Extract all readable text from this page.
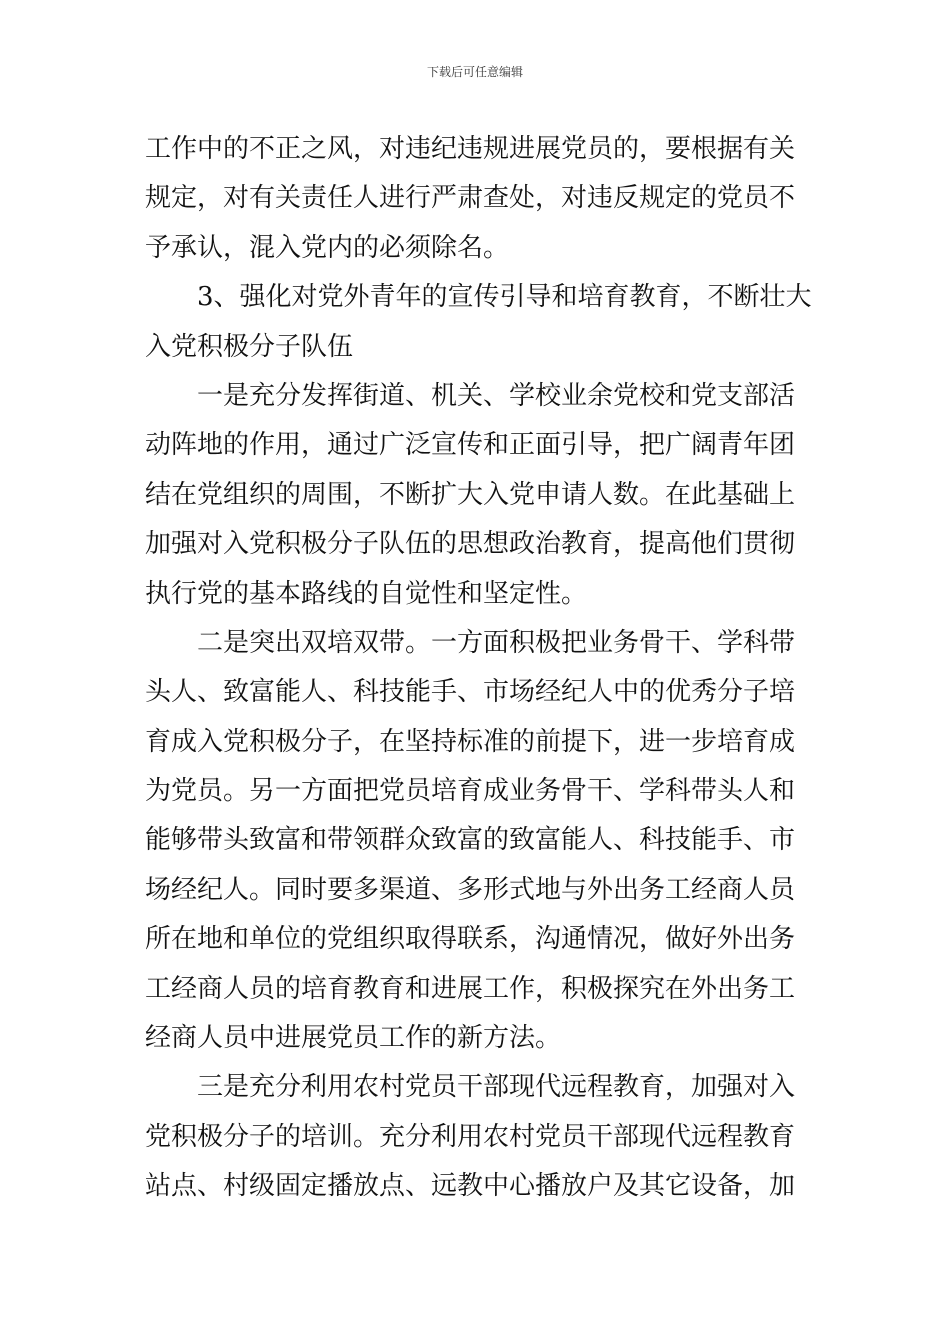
下载后可任意编辑
工作中的不正之风，对违纪违规进展党员的，要根据有关
规定，对有关责任人进行严肃查处，对违反规定的党员不
予承认，混入党内的必须除名。
3、强化对党外青年的宣传引导和培育教育，不断壮大
入党积极分子队伍
一是充分发挥街道、机关、学校业余党校和党支部活
动阵地的作用，通过广泛宣传和正面引导，把广阔青年团
结在党组织的周围，不断扩大入党申请人数。在此基础上
加强对入党积极分子队伍的思想政治教育，提高他们贯彻
执行党的基本路线的自觉性和坚定性。
二是突出双培双带。一方面积极把业务骨干、学科带
头人、致富能人、科技能手、市场经纪人中的优秀分子培
育成入党积极分子，在坚持标准的前提下，进一步培育成
为党员。另一方面把党员培育成业务骨干、学科带头人和
能够带头致富和带领群众致富的致富能人、科技能手、市
场经纪人。同时要多渠道、多形式地与外出务工经商人员
所在地和单位的党组织取得联系，沟通情况，做好外出务
工经商人员的培育教育和进展工作，积极探究在外出务工
经商人员中进展党员工作的新方法。
三是充分利用农村党员干部现代远程教育，加强对入
党积极分子的培训。充分利用农村党员干部现代远程教育
站点、村级固定播放点、远教中心播放户及其它设备，加
